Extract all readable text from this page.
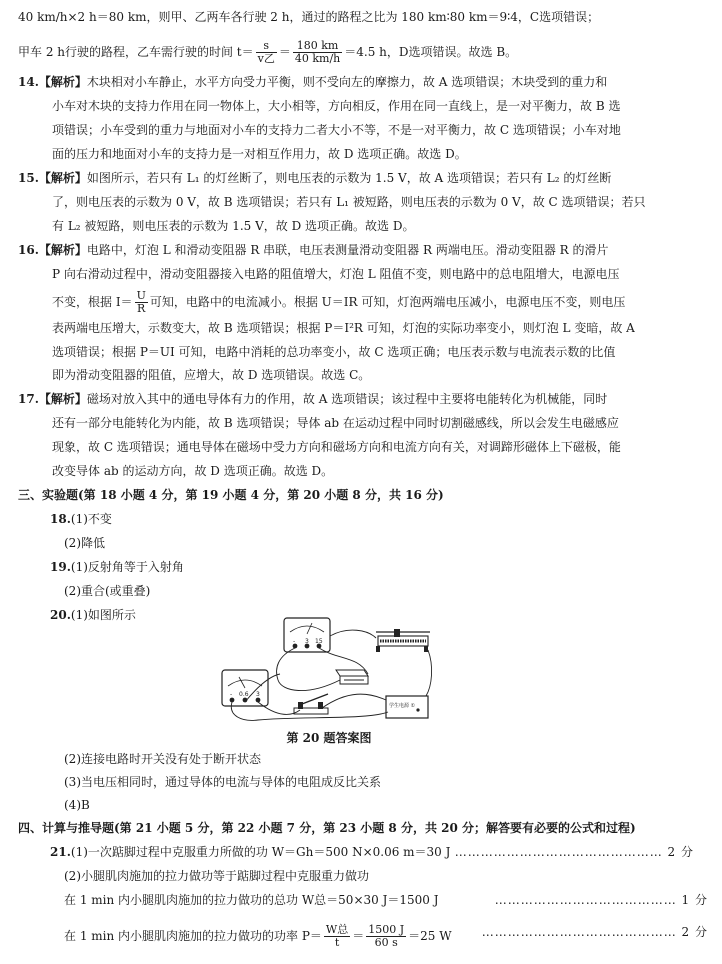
40 km/h×2 h＝80 km，则甲、乙两车各行驶 2 h，通过的路程之比为 180 km∶80 km＝9∶4，C选项错误；
甲车 2 h行驶的路程，乙车需行驶的时间 $t= \frac{s}{\text{v乙}} = \frac{180 km}{40 km/h} =4.5$ h，D选项错误。故选 B。
14.【解析】木块相对小车静止，水平方向受力平衡，则不受向左的摩擦力，故 A 选项错误；木块受到的重力和
小车对木块的支持力作用在同一物体上，大小相等，方向相反，作用在同一直线上，是一对平衡力，故 B 选
项错误；小车受到的重力与地面对小车的支持力二者大小不等，不是一对平衡力，故 C 选项错误；小车对地
面的压力和地面对小车的支持力是一对相互作用力，故 D 选项正确。故选 D。
15.【解析】如图所示，若只有 L₁ 的灯丝断了，则电压表的示数为 1.5 V，故 A 选项错误；若只有 L₂ 的灯丝断
了，则电压表的示数为 0 V，故 B 选项错误；若只有 L₁ 被短路，则电压表的示数为 0 V，故 C 选项错误；若只
有 L₂ 被短路，则电压表的示数为 1.5 V，故 D 选项正确。故选 D。
16.【解析】电路中，灯泡 L 和滑动变阻器 R 串联，电压表测量滑动变阻器 R 两端电压。滑动变阻器 R 的滑片
P 向右滑动过程中，滑动变阻器接入电路的阻值增大，灯泡 L 阻值不变，则电路中的总电阻增大，电源电压
不变，根据 $I= \frac{U}{R}$ 可知，电路中的电流减小。根据 U＝IR 可知，灯泡两端电压减小，电源电压不变，则电压
表两端电压增大，示数变大，故 B 选项错误；根据 P＝I²R 可知，灯泡的实际功率变小，则灯泡 L 变暗，故 A
选项错误；根据 P＝UI 可知，电路中消耗的总功率变小，故 C 选项正确；电压表示数与电流表示数的比值
即为滑动变阻器的阻值，应增大，故 D 选项错误。故选 C。
17.【解析】磁场对放入其中的通电导体有力的作用，故 A 选项错误；该过程中主要将电能转化为机械能，同时
还有一部分电能转化为内能，故 B 选项错误；导体 ab 在运动过程中同时切割磁感线，所以会发生电磁感应
现象，故 C 选项错误；通电导体在磁场中受力方向和磁场方向和电流方向有关，对调蹄形磁体上下磁极，能
改变导体 ab 的运动方向，故 D 选项正确。故选 D。
三、实验题(第 18 小题 4 分，第 19 小题 4 分，第 20 小题 8 分，共 16 分)
18.(1)不变
(2)降低
19.(1)反射角等于入射角
(2)重合(或重叠)
20.(1)如图所示
- 3 15
- 0.6 3
学生电源 ①
第 20 题答案图
(2)连接电路时开关没有处于断开状态
(3)当电压相同时，通过导体的电流与导体的电阻成反比关系
(4)B
四、计算与推导题(第 21 小题 5 分，第 22 小题 7 分，第 23 小题 8 分，共 20 分；解答要有必要的公式和过程)
21.(1)一次踮脚过程中克服重力所做的功 W＝Gh＝500 N×0.06 m＝30 J ………………………………………… 2 分
(2)小腿肌肉施加的拉力做功等于踮脚过程中克服重力做功
在 1 min 内小腿肌肉施加的拉力做功的总功 W总＝50×30 J＝1500 J	…………………………………… 1 分
在 1 min 内小腿肌肉施加的拉力做功的功率 $P= \frac{\text{W总}}{t} = \frac{1500 J}{60 s} =25$ W	……………………………………… 2 分
